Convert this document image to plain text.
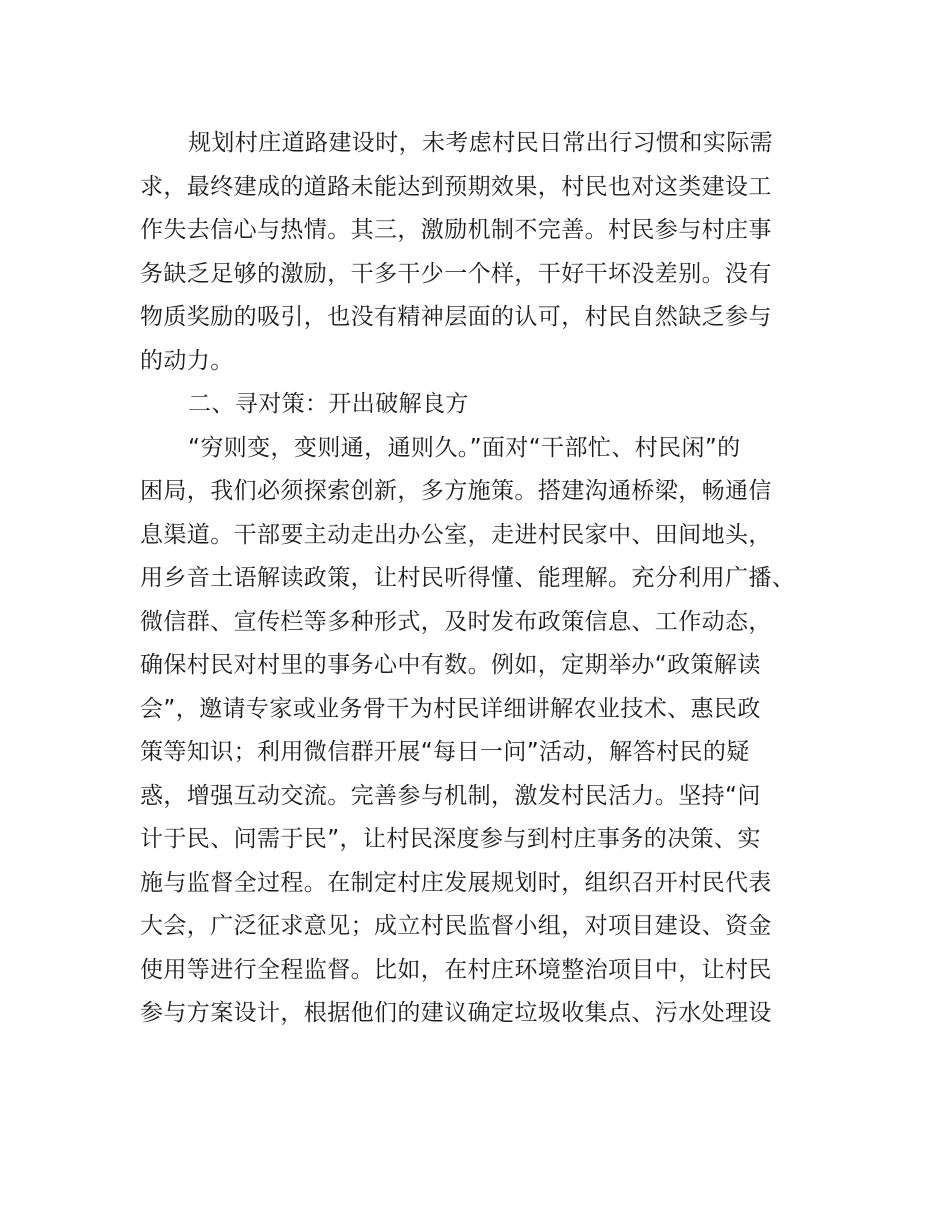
规划村庄道路建设时，未考虑村民日常出行习惯和实际需
求，最终建成的道路未能达到预期效果，村民也对这类建设工
作失去信心与热情。其三，激励机制不完善。村民参与村庄事
务缺乏足够的激励，干多干少一个样，干好干坏没差别。没有
物质奖励的吸引，也没有精神层面的认可，村民自然缺乏参与
的动力。
二、寻对策：开出破解良方
“穷则变，变则通，通则久。”面对“干部忙、村民闲”的
困局，我们必须探索创新，多方施策。搭建沟通桥梁，畅通信
息渠道。干部要主动走出办公室，走进村民家中、田间地头，
用乡音土语解读政策，让村民听得懂、能理解。充分利用广播、
微信群、宣传栏等多种形式，及时发布政策信息、工作动态，
确保村民对村里的事务心中有数。例如，定期举办“政策解读
会”，邀请专家或业务骨干为村民详细讲解农业技术、惠民政
策等知识；利用微信群开展“每日一问”活动，解答村民的疑
惑，增强互动交流。完善参与机制，激发村民活力。坚持“问
计于民、问需于民”，让村民深度参与到村庄事务的决策、实
施与监督全过程。在制定村庄发展规划时，组织召开村民代表
大会，广泛征求意见；成立村民监督小组，对项目建设、资金
使用等进行全程监督。比如，在村庄环境整治项目中，让村民
参与方案设计，根据他们的建议确定垃圾收集点、污水处理设
